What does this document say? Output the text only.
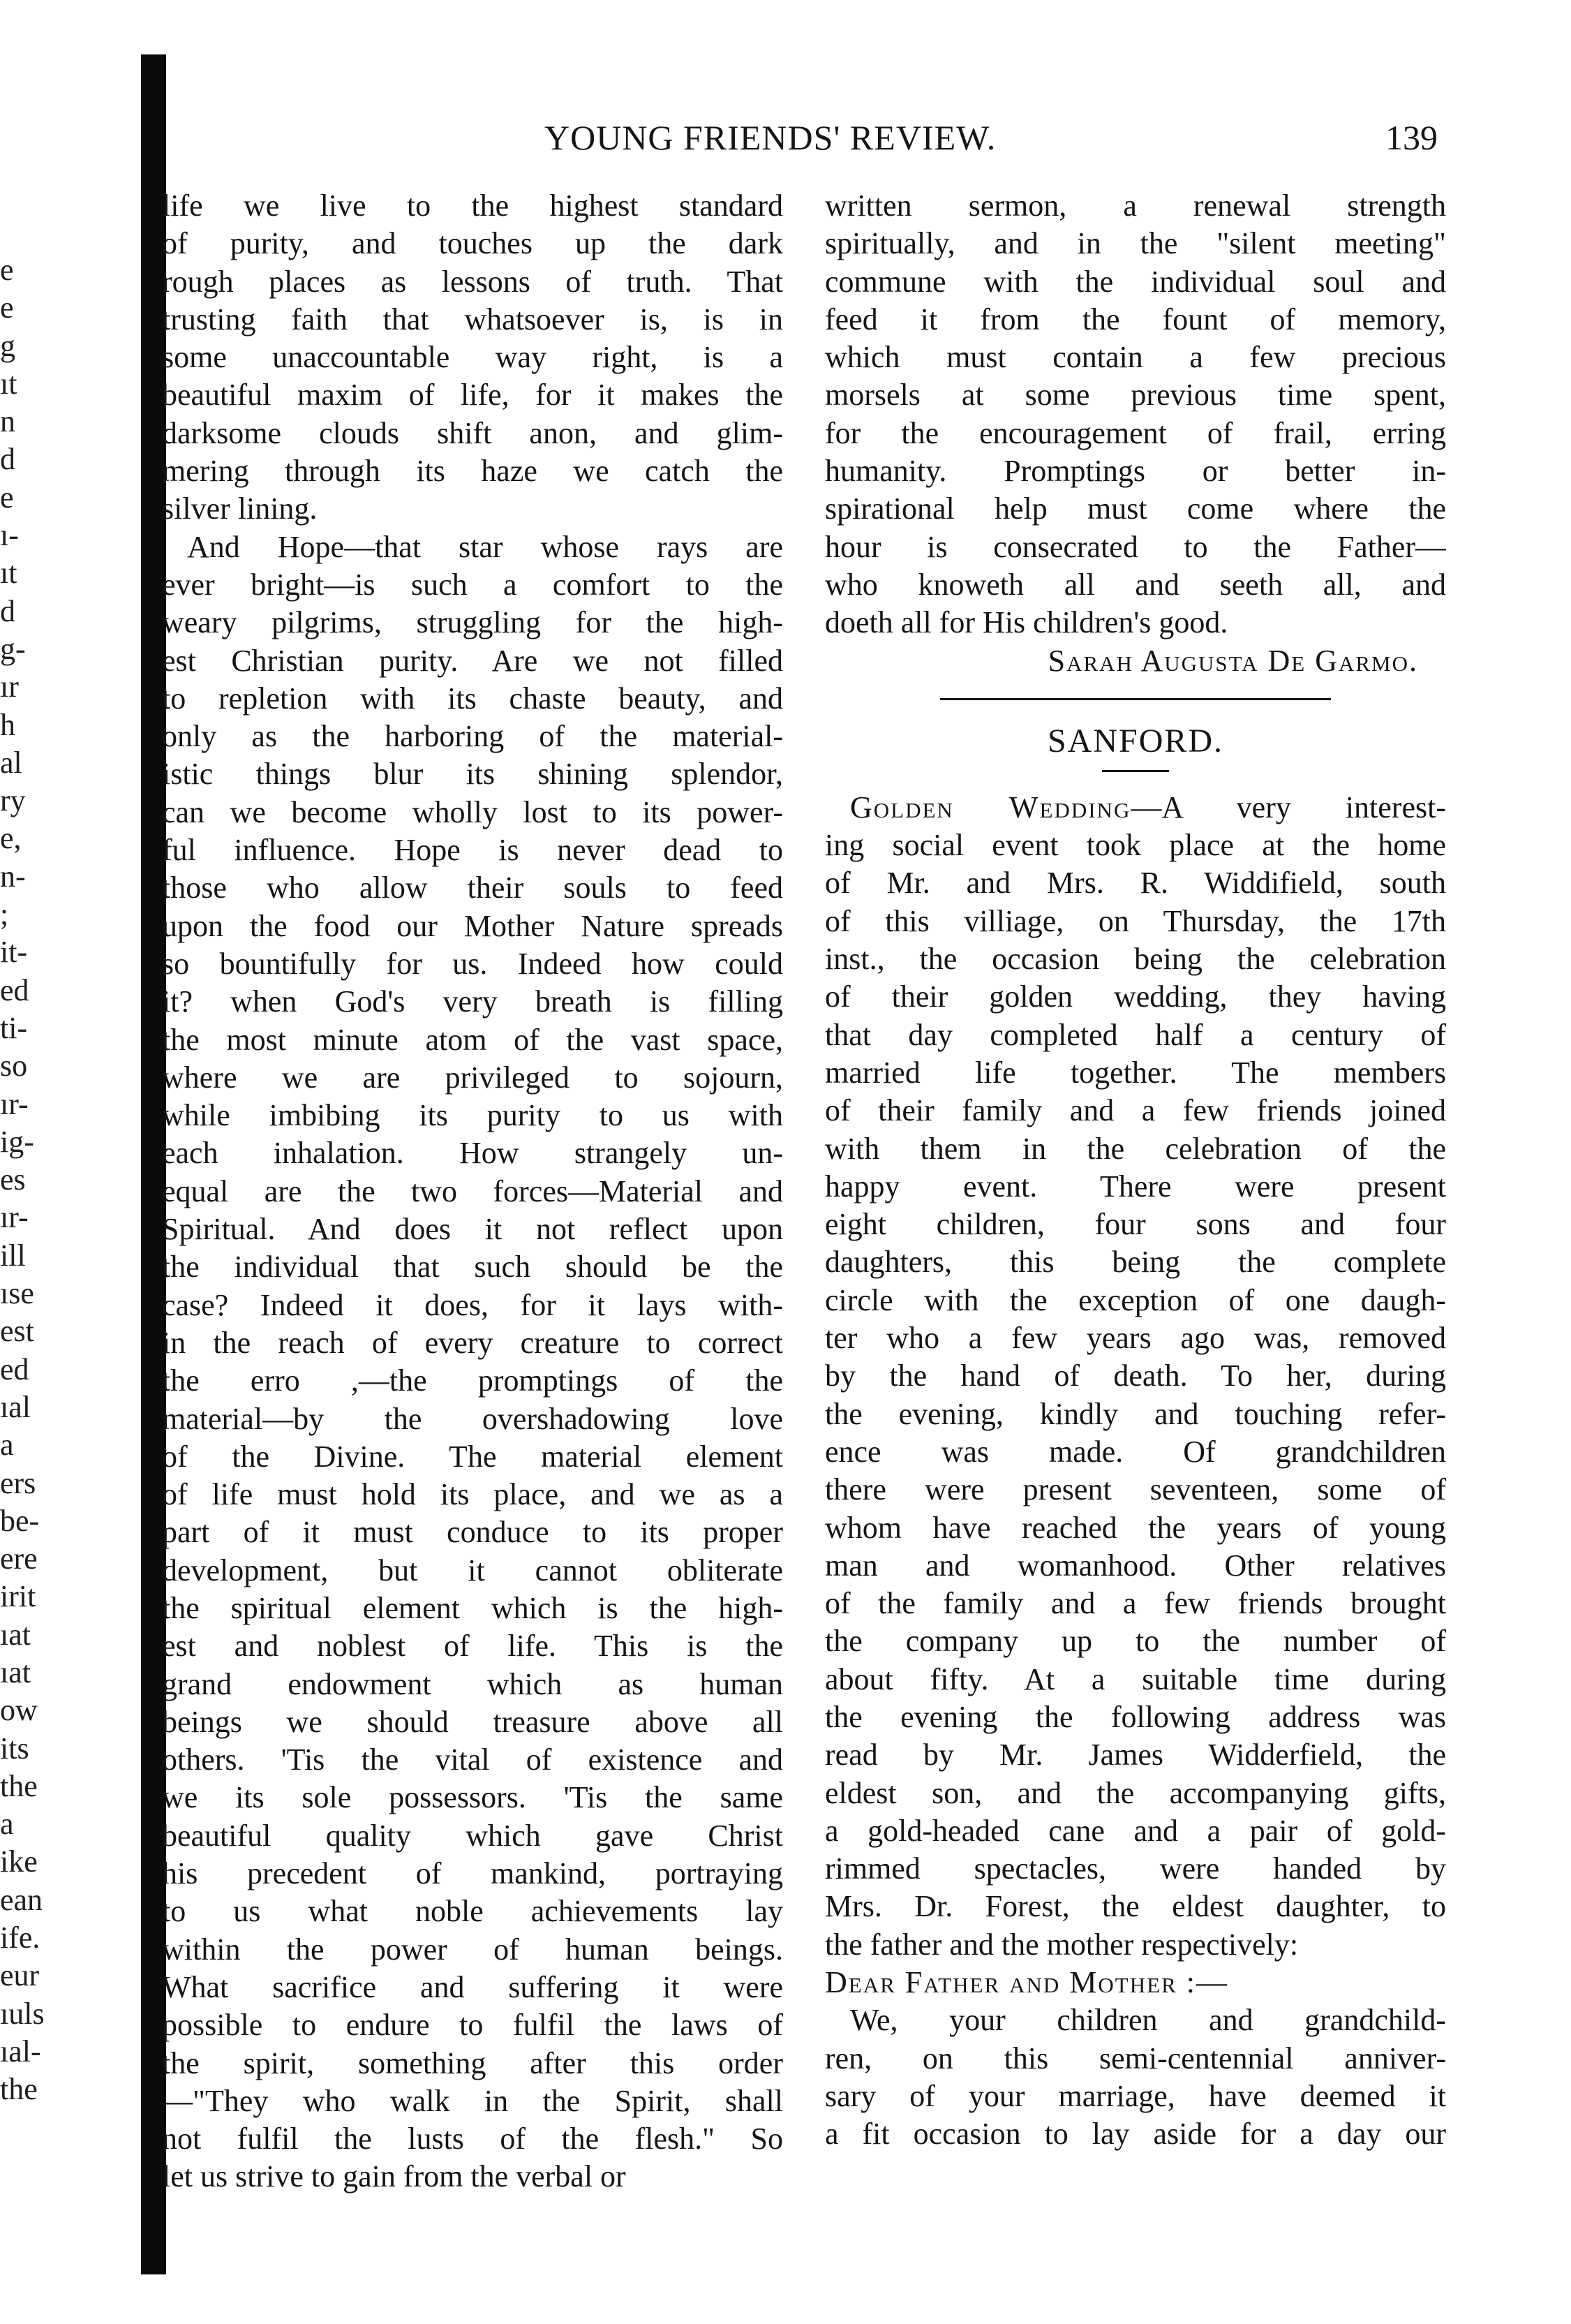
e
e
g
ıt
n
d
e
ı-
ıt
d
g-
ır
h
al
ry
e,
n-
;
it-
ed
ti-
so
ır-
ig-
es
ır-
ill
ıse
est
ed
ıal
a
ers
be-
ere
irit
ıat
ıat
ow
its
the
a
ike
ean
ife.
eur
ıuls
ıal-
the
YOUNG FRIENDS' REVIEW.	139
life we live to the highest standard
of purity, and touches up the dark
rough places as lessons of truth. That
trusting faith that whatsoever is, is in
some unaccountable way right, is a
beautiful maxim of life, for it makes the
darksome clouds shift anon, and glim-
mering through its haze we catch the
silver lining.
And Hope—that star whose rays are
ever bright—is such a comfort to the
weary pilgrims, struggling for the high-
est Christian purity. Are we not filled
to repletion with its chaste beauty, and
only as the harboring of the material-
istic things blur its shining splendor,
can we become wholly lost to its power-
ful influence. Hope is never dead to
those who allow their souls to feed
upon the food our Mother Nature spreads
so bountifully for us. Indeed how could
it? when God's very breath is filling
the most minute atom of the vast space,
where we are privileged to sojourn,
while imbibing its purity to us with
each inhalation. How strangely un-
equal are the two forces—Material and
Spiritual. And does it not reflect upon
the individual that such should be the
case? Indeed it does, for it lays with-
in the reach of every creature to correct
the erro ,—the promptings of the
material—by the overshadowing love
of the Divine. The material element
of life must hold its place, and we as a
part of it must conduce to its proper
development, but it cannot obliterate
the spiritual element which is the high-
est and noblest of life. This is the
grand endowment which as human
beings we should treasure above all
others. 'Tis the vital of existence and
we its sole possessors. 'Tis the same
beautiful quality which gave Christ
his precedent of mankind, portraying
to us what noble achievements lay
within the power of human beings.
What sacrifice and suffering it were
possible to endure to fulfil the laws of
the spirit, something after this order
—"They who walk in the Spirit, shall
not fulfil the lusts of the flesh." So
let us strive to gain from the verbal or
written sermon, a renewal strength
spiritually, and in the "silent meeting"
commune with the individual soul and
feed it from the fount of memory,
which must contain a few precious
morsels at some previous time spent,
for the encouragement of frail, erring
humanity. Promptings or better in-
spirational help must come where the
hour is consecrated to the Father—
who knoweth all and seeth all, and
doeth all for His children's good.
Sarah Augusta De Garmo.
SANFORD.
Golden Wedding—A very interest-
ing social event took place at the home
of Mr. and Mrs. R. Widdifield, south
of this villiage, on Thursday, the 17th
inst., the occasion being the celebration
of their golden wedding, they having
that day completed half a century of
married life together. The members
of their family and a few friends joined
with them in the celebration of the
happy event. There were present
eight children, four sons and four
daughters, this being the complete
circle with the exception of one daugh-
ter who a few years ago was, removed
by the hand of death. To her, during
the evening, kindly and touching refer-
ence was made. Of grandchildren
there were present seventeen, some of
whom have reached the years of young
man and womanhood. Other relatives
of the family and a few friends brought
the company up to the number of
about fifty. At a suitable time during
the evening the following address was
read by Mr. James Widderfield, the
eldest son, and the accompanying gifts,
a gold-headed cane and a pair of gold-
rimmed spectacles, were handed by
Mrs. Dr. Forest, the eldest daughter, to
the father and the mother respectively:
Dear Father and Mother :—
We, your children and grandchild-
ren, on this semi-centennial anniver-
sary of your marriage, have deemed it
a fit occasion to lay aside for a day our
